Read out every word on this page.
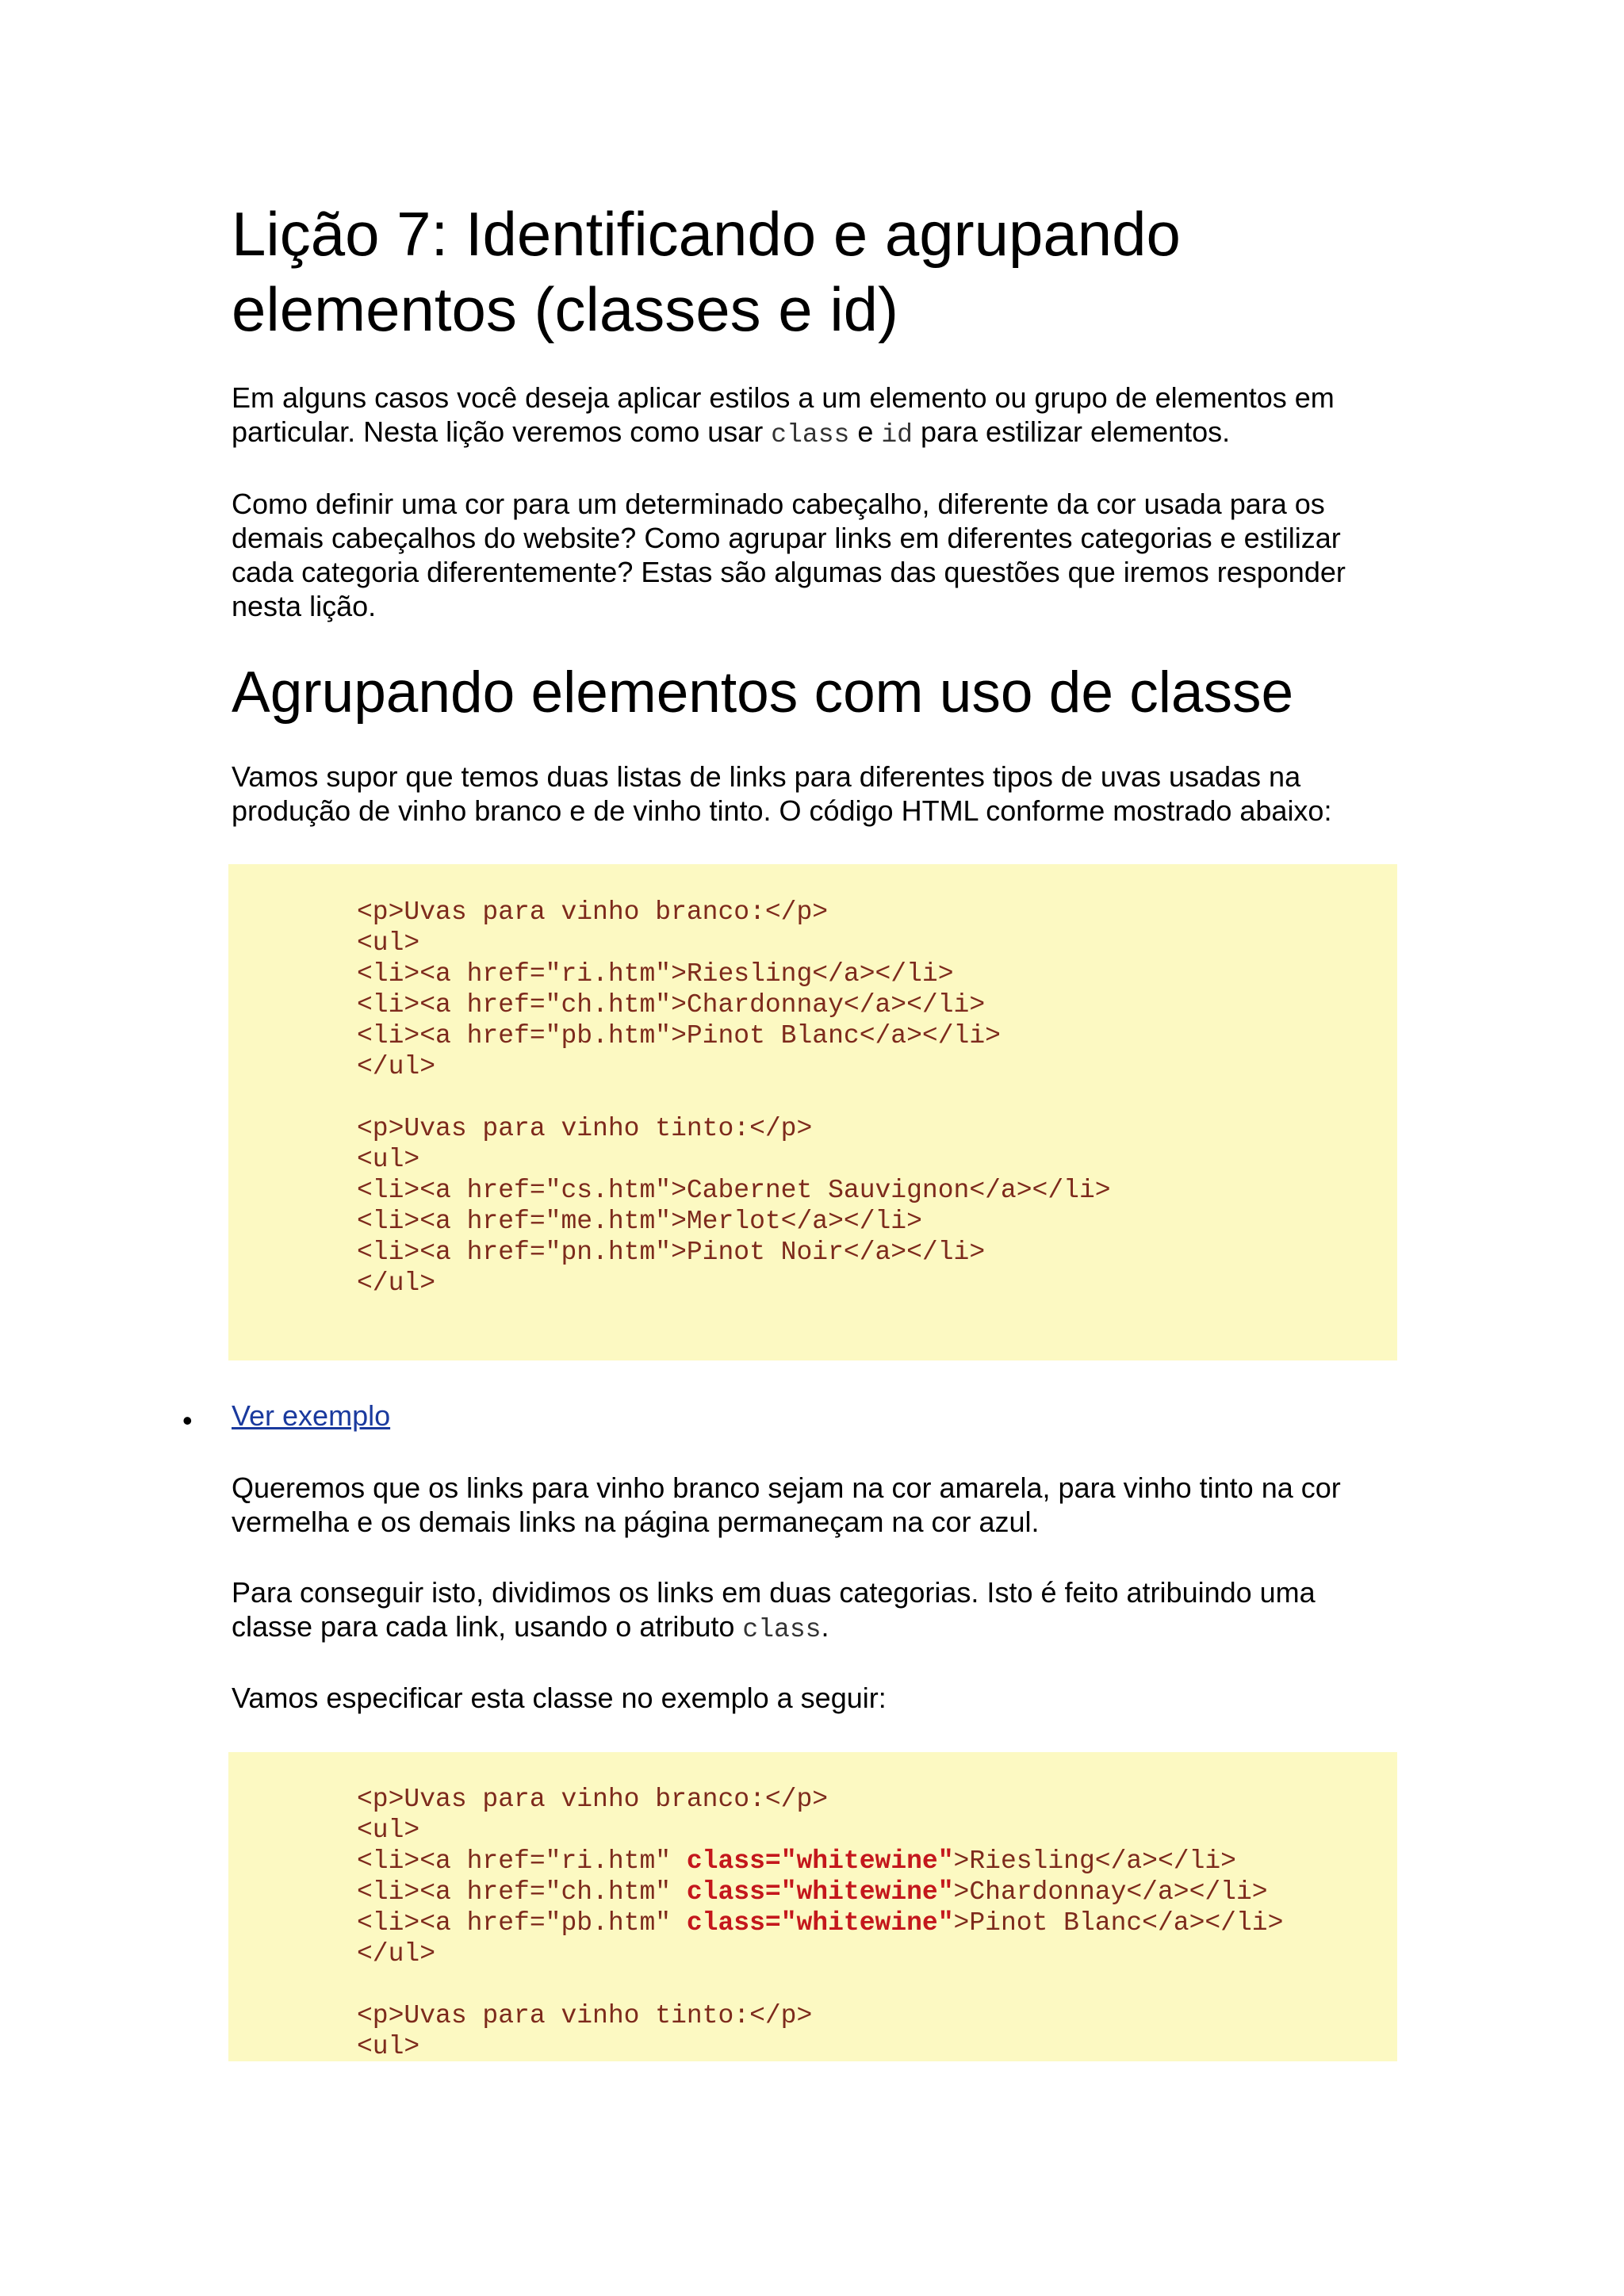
Lição 7: Identificando e agrupando
elementos (classes e id)
Em alguns casos você deseja aplicar estilos a um elemento ou grupo de elementos em
particular. Nesta lição veremos como usar class e id para estilizar elementos.
Como definir uma cor para um determinado cabeçalho, diferente da cor usada para os
demais cabeçalhos do website? Como agrupar links em diferentes categorias e estilizar
cada categoria diferentemente? Estas são algumas das questões que iremos responder
nesta lição.
Agrupando elementos com uso de classe
Vamos supor que temos duas listas de links para diferentes tipos de uvas usadas na
produção de vinho branco e de vinho tinto. O código HTML conforme mostrado abaixo:
<p>Uvas para vinho branco:</p>
<ul>
<li><a href="ri.htm">Riesling</a></li>
<li><a href="ch.htm">Chardonnay</a></li>
<li><a href="pb.htm">Pinot Blanc</a></li>
</ul>
<p>Uvas para vinho tinto:</p>
<ul>
<li><a href="cs.htm">Cabernet Sauvignon</a></li>
<li><a href="me.htm">Merlot</a></li>
<li><a href="pn.htm">Pinot Noir</a></li>
</ul>
• Ver exemplo
Queremos que os links para vinho branco sejam na cor amarela, para vinho tinto na cor
vermelha e os demais links na página permaneçam na cor azul.
Para conseguir isto, dividimos os links em duas categorias. Isto é feito atribuindo uma
classe para cada link, usando o atributo class.
Vamos especificar esta classe no exemplo a seguir:
<p>Uvas para vinho branco:</p>
<ul>
<li><a href="ri.htm" class="whitewine">Riesling</a></li>
<li><a href="ch.htm" class="whitewine">Chardonnay</a></li>
<li><a href="pb.htm" class="whitewine">Pinot Blanc</a></li>
</ul>
<p>Uvas para vinho tinto:</p>
<ul>
